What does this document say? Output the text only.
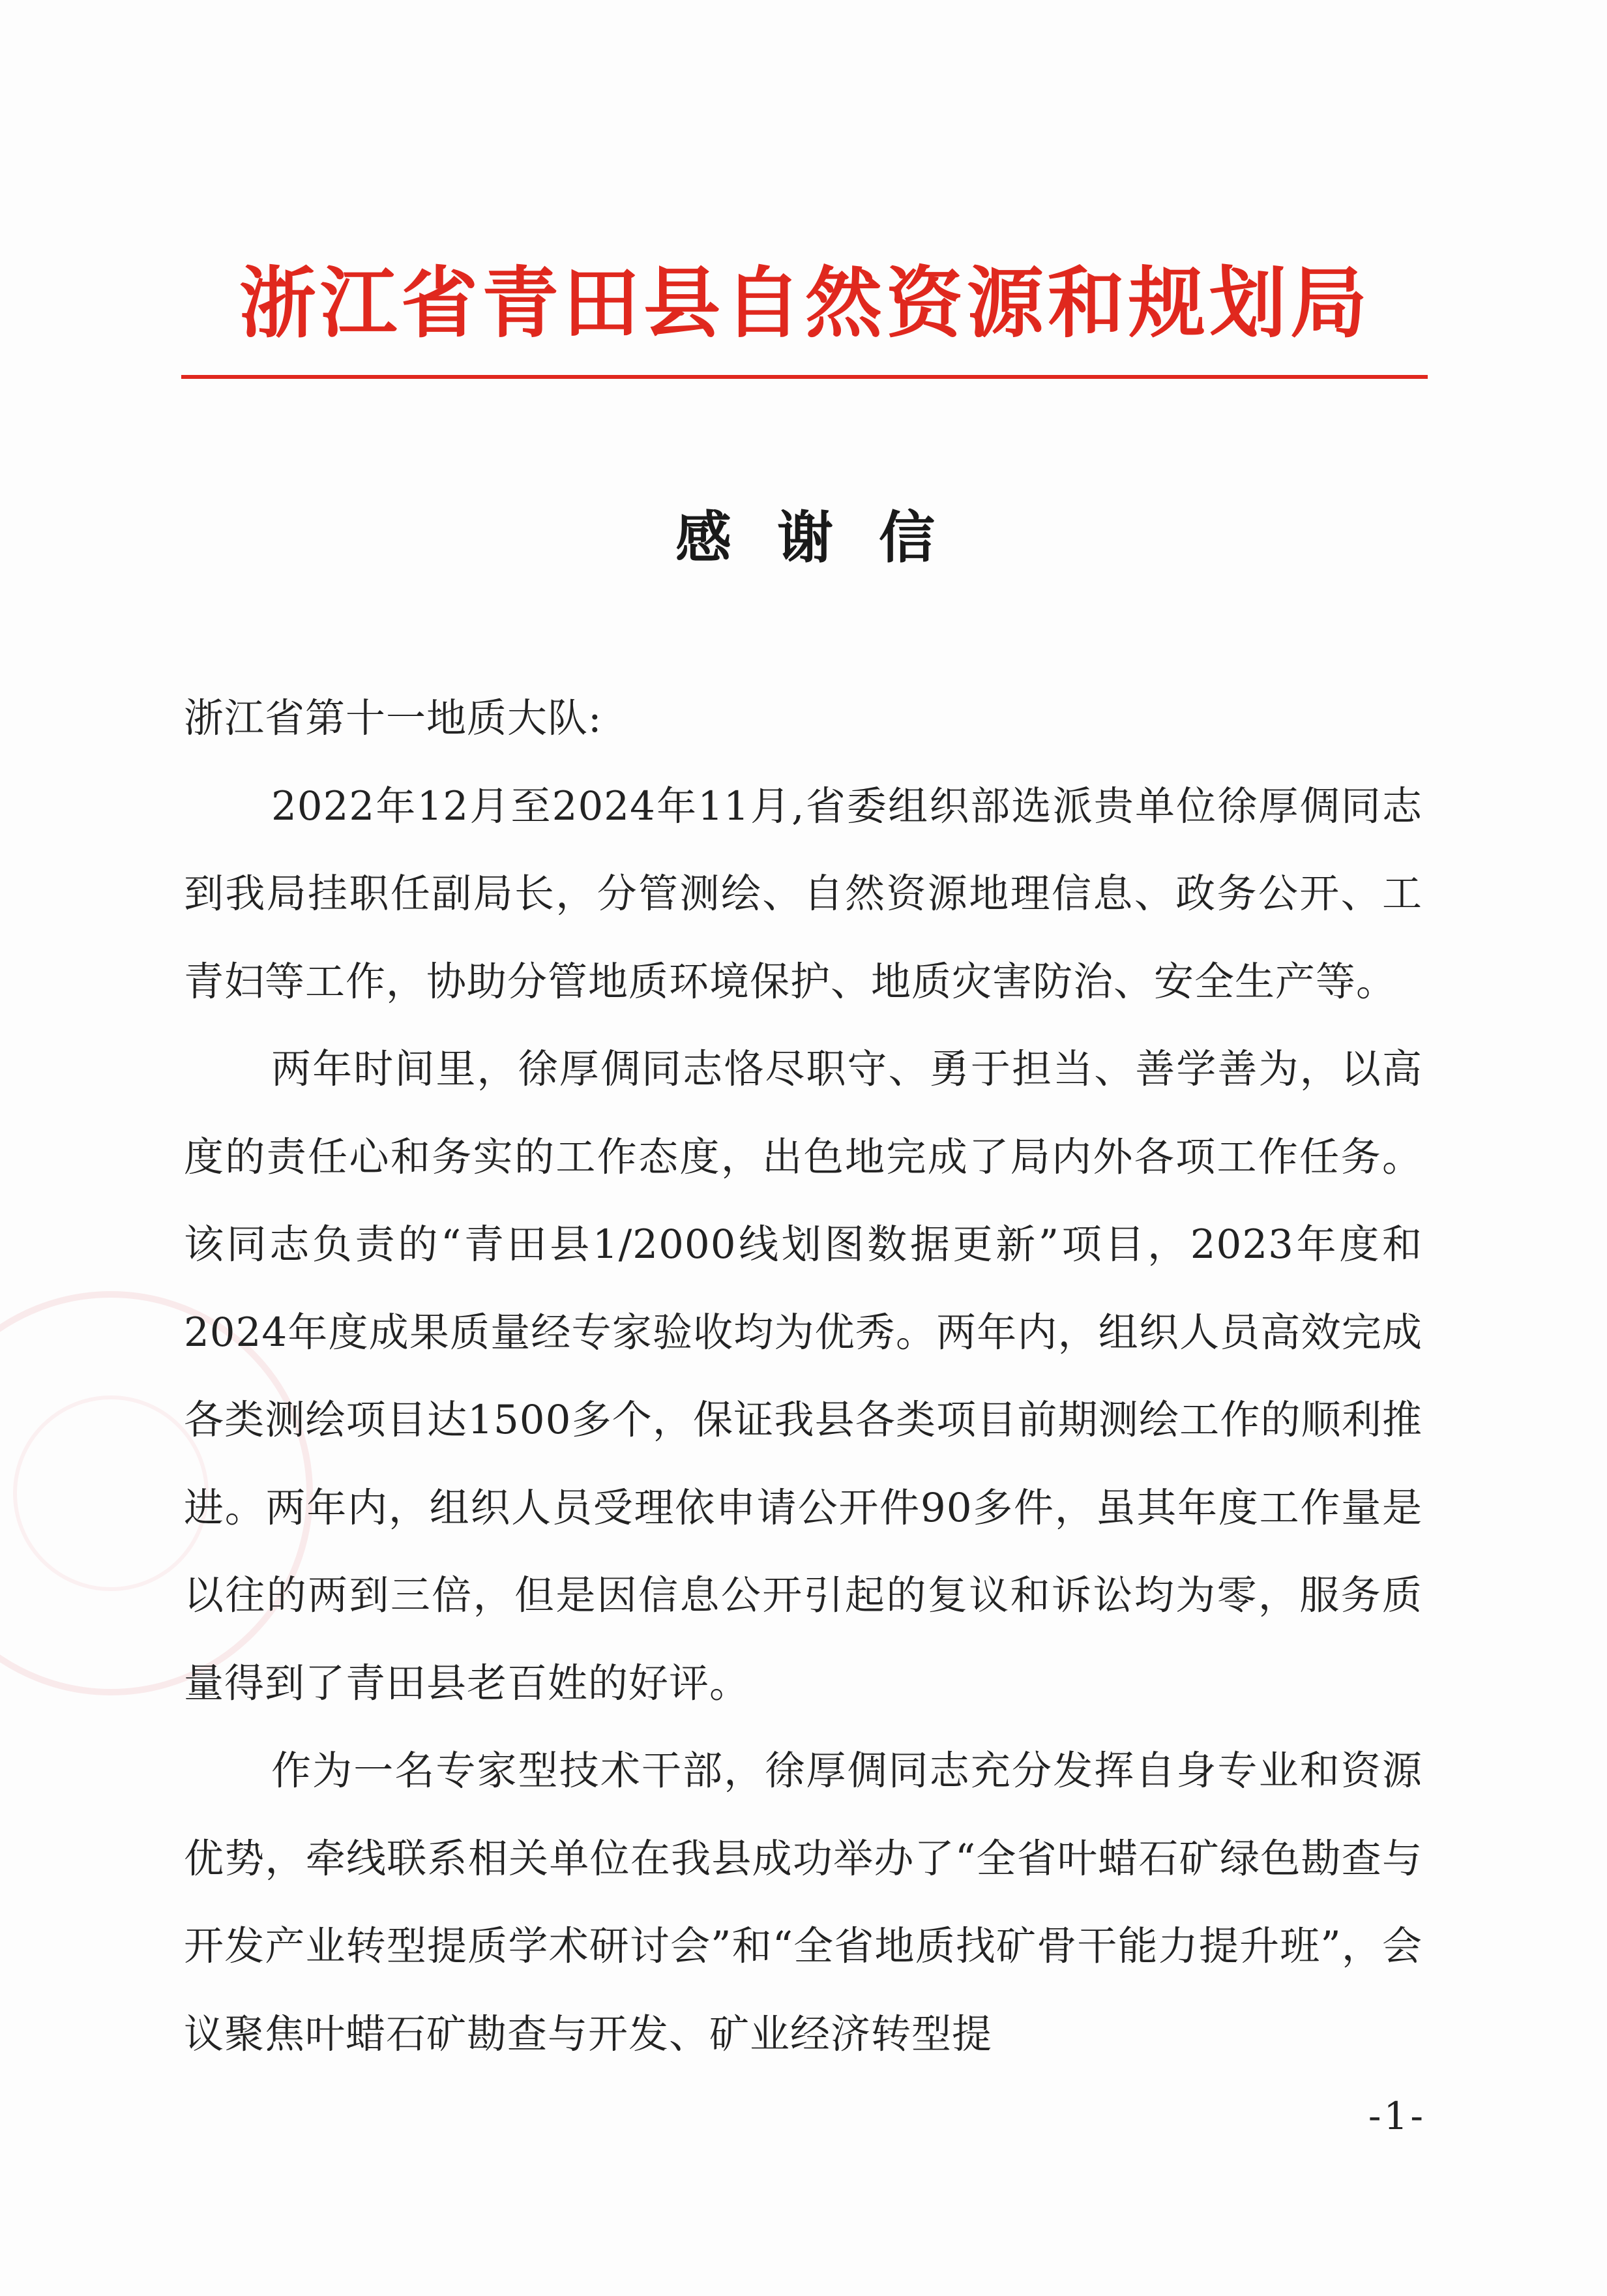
浙江省青田县自然资源和规划局
感谢信

浙江省第十一地质大队:

2022年12月至2024年11月,省委组织部选派贵单位徐厚倜同志到我局挂职任副局长，分管测绘、自然资源地理信息、政务公开、工青妇等工作，协助分管地质环境保护、地质灾害防治、安全生产等。

两年时间里，徐厚倜同志恪尽职守、勇于担当、善学善为，以高度的责任心和务实的工作态度，出色地完成了局内外各项工作任务。该同志负责的“青田县1/2000线划图数据更新”项目，2023年度和2024年度成果质量经专家验收均为优秀。两年内，组织人员高效完成各类测绘项目达1500多个，保证我县各类项目前期测绘工作的顺利推进。两年内，组织人员受理依申请公开件90多件，虽其年度工作量是以往的两到三倍，但是因信息公开引起的复议和诉讼均为零，服务质量得到了青田县老百姓的好评。

作为一名专家型技术干部，徐厚倜同志充分发挥自身专业和资源优势，牵线联系相关单位在我县成功举办了“全省叶蜡石矿绿色勘查与开发产业转型提质学术研讨会”和“全省地质找矿骨干能力提升班”，会议聚焦叶蜡石矿勘查与开发、矿业经济转型提

-1-
